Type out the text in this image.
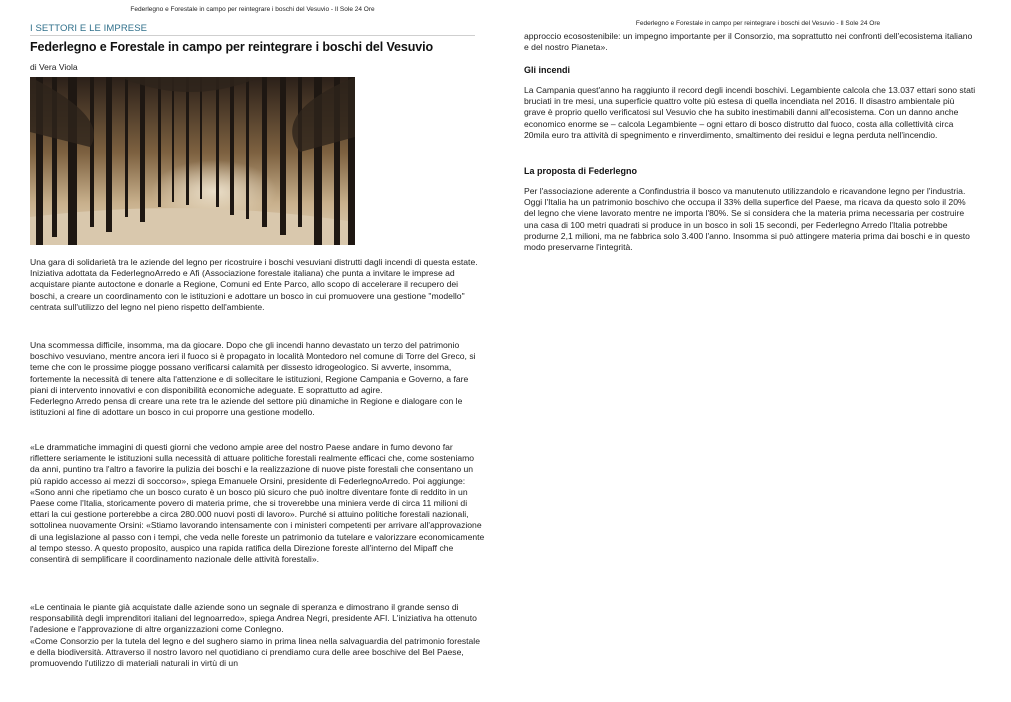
Federlegno e Forestale in campo per reintegrare i boschi del Vesuvio - Il Sole 24 Ore
I SETTORI E LE IMPRESE
Federlegno e Forestale in campo per reintegrare i boschi del Vesuvio
di Vera Viola
Una gara di solidarietà tra le aziende del legno per ricostruire i boschi vesuviani distrutti dagli incendi di questa estate. Iniziativa adottata da FederlegnoArredo e Afi (Associazione forestale italiana) che punta a invitare le imprese ad acquistare piante autoctone e donarle a Regione, Comuni ed Ente Parco, allo scopo di accelerare il recupero dei boschi, a creare un coordinamento con le istituzioni e adottare un bosco in cui promuovere una gestione "modello" centrata sull'utilizzo del legno nel pieno rispetto dell'ambiente.
Una scommessa difficile, insomma, ma da giocare. Dopo che gli incendi hanno devastato un terzo del patrimonio boschivo vesuviano, mentre ancora ieri il fuoco si è propagato in località Montedoro nel comune di Torre del Greco, si teme che con le prossime piogge possano verificarsi calamità per dissesto idrogeologico. Si avverte, insomma, fortemente la necessità di tenere alta l'attenzione e di sollecitare le istituzioni, Regione Campania e Governo, a fare piani di intervento innovativi e con disponibilità economiche adeguate. E soprattutto ad agire.
Federlegno Arredo pensa di creare una rete tra le aziende del settore più dinamiche in Regione e dialogare con le istituzioni al fine di adottare un bosco in cui proporre una gestione modello.
«Le drammatiche immagini di questi giorni che vedono ampie aree del nostro Paese andare in fumo devono far riflettere seriamente le istituzioni sulla necessità di attuare politiche forestali realmente efficaci che, come sosteniamo da anni, puntino tra l'altro a favorire la pulizia dei boschi e la realizzazione di nuove piste forestali che consentano un più rapido accesso ai mezzi di soccorso», spiega Emanuele Orsini, presidente di FederlegnoArredo. Poi aggiunge: «Sono anni che ripetiamo che un bosco curato è un bosco più sicuro che può inoltre diventare fonte di reddito in un Paese come l'Italia, storicamente povero di materia prime, che si troverebbe una miniera verde di circa 11 milioni di ettari la cui gestione porterebbe a circa 280.000 nuovi posti di lavoro». Purché si attuino politiche forestali nazionali, sottolinea nuovamente Orsini: «Stiamo lavorando intensamente con i ministeri competenti per arrivare all'approvazione di una legislazione al passo con i tempi, che veda nelle foreste un patrimonio da tutelare e valorizzare economicamente al tempo stesso. A questo proposito, auspico una rapida ratifica della Direzione foreste all'interno del Mipaff che consentirà di semplificare il coordinamento nazionale delle attività forestali».
«Le centinaia le piante già acquistate dalle aziende sono un segnale di speranza e dimostrano il grande senso di responsabilità degli imprenditori italiani del legnoarredo», spiega Andrea Negri, presidente AFI. L'iniziativa ha ottenuto l'adesione e l'approvazione di altre organizzazioni come Conlegno.
«Come Consorzio per la tutela del legno e del sughero siamo in prima linea nella salvaguardia del patrimonio forestale e della biodiversità. Attraverso il nostro lavoro nel quotidiano ci prendiamo cura delle aree boschive del Bel Paese, promuovendo l'utilizzo di materiali naturali in virtù di un
Federlegno e Forestale in campo per reintegrare i boschi del Vesuvio - Il Sole 24 Ore
approccio ecosostenibile: un impegno importante per il Consorzio, ma soprattutto nei confronti dell'ecosistema italiano e del nostro Pianeta».
Gli incendi
La Campania quest'anno ha raggiunto il record degli incendi boschivi. Legambiente calcola che 13.037 ettari sono stati bruciati in tre mesi, una superficie quattro volte più estesa di quella incendiata nel 2016. Il disastro ambientale più grave è proprio quello verificatosi sul Vesuvio che ha subito inestimabili danni all'ecosistema. Con un danno anche economico enorme se – calcola Legambiente – ogni ettaro di bosco distrutto dal fuoco, costa alla collettività circa 20mila euro tra attività di spegnimento e rinverdimento, smaltimento dei residui e legna perduta nell'incendio.
La proposta di Federlegno
Per l'associazione aderente a Confindustria il bosco va manutenuto utilizzandolo e ricavandone legno per l'industria. Oggi l'Italia ha un patrimonio boschivo che occupa il 33% della superfice del Paese, ma ricava da questo solo il 20% del legno che viene lavorato mentre ne importa l'80%. Se si considera che la materia prima necessaria per costruire una casa di 100 metri quadrati si produce in un bosco in soli 15 secondi, per Federlegno Arredo l'Italia potrebbe produrne 2,1 milioni, ma ne fabbrica solo 3.400 l'anno. Insomma si può attingere materia prima dai boschi e in questo modo preservarne l'integrità.
